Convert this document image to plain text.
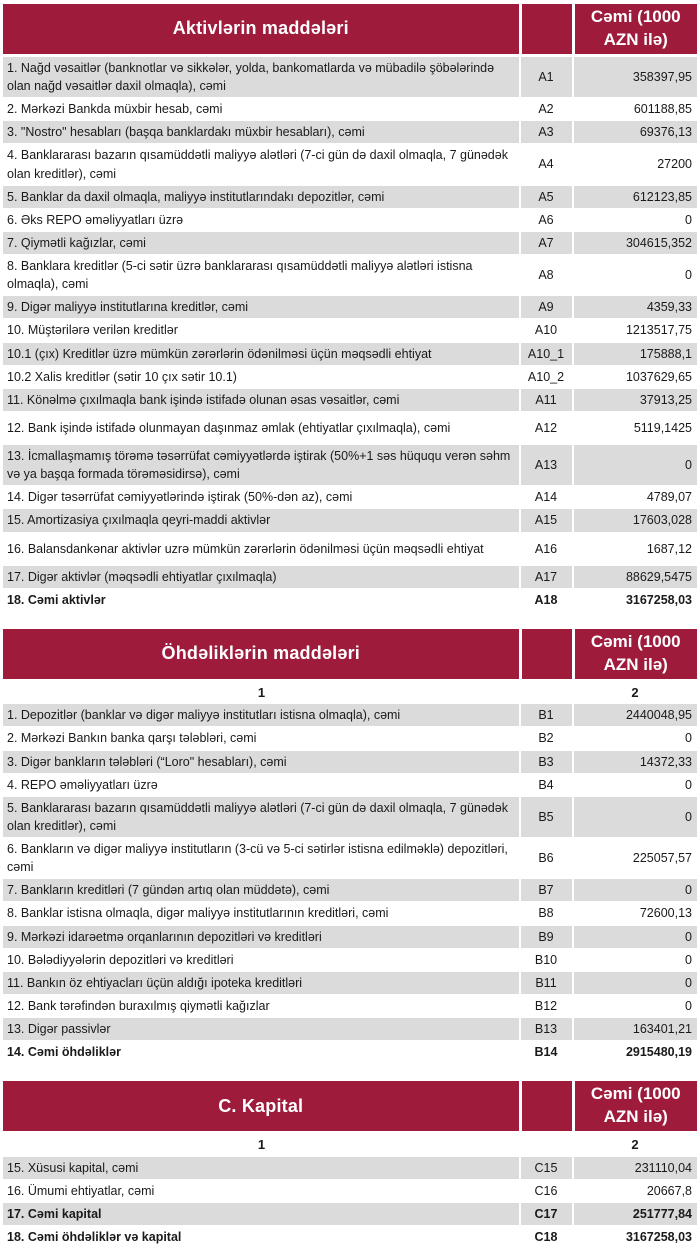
Aktivlərin maddələri		Cəmi (1000 AZN ilə)
1. Nağd vəsaitlər (banknotlar və sikkələr, yolda, bankomatlarda və mübadilə şöbələrində olan nağd vəsaitlər daxil olmaqla), cəmi	A1	358397,95
2. Mərkəzi Bankda müxbir hesab, cəmi	A2	601188,85
3. "Nostro" hesabları (başqa banklardakı müxbir hesabları), cəmi	A3	69376,13
4. Banklararası bazarın qısamüddətli maliyyə alətləri (7-ci gün də daxil olmaqla, 7 günədək olan kreditlər), cəmi	A4	27200
5. Banklar da daxil olmaqla, maliyyə institutlarındakı depozitlər, cəmi	A5	612123,85
6. Əks REPO əməliyyatları üzrə	A6	0
7. Qiymətli kağızlar, cəmi	A7	304615,352
8. Banklara kreditlər (5-ci sətir üzrə banklararası qısamüddətli maliyyə alətləri istisna olmaqla), cəmi	A8	0
9. Digər maliyyə institutlarına kreditlər, cəmi	A9	4359,33
10. Müştərilərə verilən kreditlər	A10	1213517,75
10.1 (çıx) Kreditlər üzrə mümkün zərərlərin ödənilməsi üçün məqsədli ehtiyat	A10_1	175888,1
10.2 Xalis kreditlər (sətir 10 çıx sətir 10.1)	A10_2	1037629,65
11. Könəlmə çıxılmaqla bank işində istifadə olunan əsas vəsaitlər, cəmi	A11	37913,25
12. Bank işində istifadə olunmayan daşınmaz əmlak (ehtiyatlar çıxılmaqla), cəmi	A12	5119,1425
13. İcmallaşmamış törəmə təsərrüfat cəmiyyətlərdə iştirak (50%+1 səs hüququ verən səhm və ya başqa formada törəməsidirsə), cəmi	A13	0
14. Digər təsərrüfat cəmiyyətlərində iştirak (50%-dən az), cəmi	A14	4789,07
15. Amortizasiya çıxılmaqla qeyri-maddi aktivlər	A15	17603,028
16. Balansdankənar aktivlər uzrə mümkün zərərlərin ödənilməsi üçün məqsədli ehtiyat	A16	1687,12
17. Digər aktivlər (məqsədli ehtiyatlar çıxılmaqla)	A17	88629,5475
18. Cəmi aktivlər	A18	3167258,03
Öhdəliklərin maddələri		Cəmi (1000 AZN ilə)
1		2
1. Depozitlər (banklar və digər maliyyə institutları istisna olmaqla), cəmi	B1	2440048,95
2. Mərkəzi Bankın banka qarşı tələbləri, cəmi	B2	0
3. Digər bankların tələbləri (“Loro" hesabları), cəmi	B3	14372,33
4. REPO əməliyyatları üzrə	B4	0
5. Banklararası bazarın qısamüddətli maliyyə alətləri (7-ci gün də daxil olmaqla, 7 günədək olan kreditlər), cəmi	B5	0
6. Bankların və digər maliyyə institutların (3-cü və 5-ci sətirlər istisna edilməklə) depozitləri, cəmi	B6	225057,57
7. Bankların kreditləri (7 gündən artıq olan müddətə), cəmi	B7	0
8. Banklar istisna olmaqla, digər maliyyə institutlarının kreditləri, cəmi	B8	72600,13
9. Mərkəzi idarəetmə orqanlarının depozitləri və kreditləri	B9	0
10. Bələdiyyələrin depozitləri və kreditləri	B10	0
11. Bankın öz ehtiyacları üçün aldığı ipoteka kreditləri	B11	0
12. Bank tərəfindən buraxılmış qiymətli kağızlar	B12	0
13. Digər passivlər	B13	163401,21
14. Cəmi öhdəliklər	B14	2915480,19
C. Kapital		Cəmi (1000 AZN ilə)
1		2
15. Xüsusi kapital, cəmi	C15	231110,04
16. Ümumi ehtiyatlar, cəmi	C16	20667,8
17. Cəmi kapital	C17	251777,84
18. Cəmi öhdəliklər və kapital	C18	3167258,03
